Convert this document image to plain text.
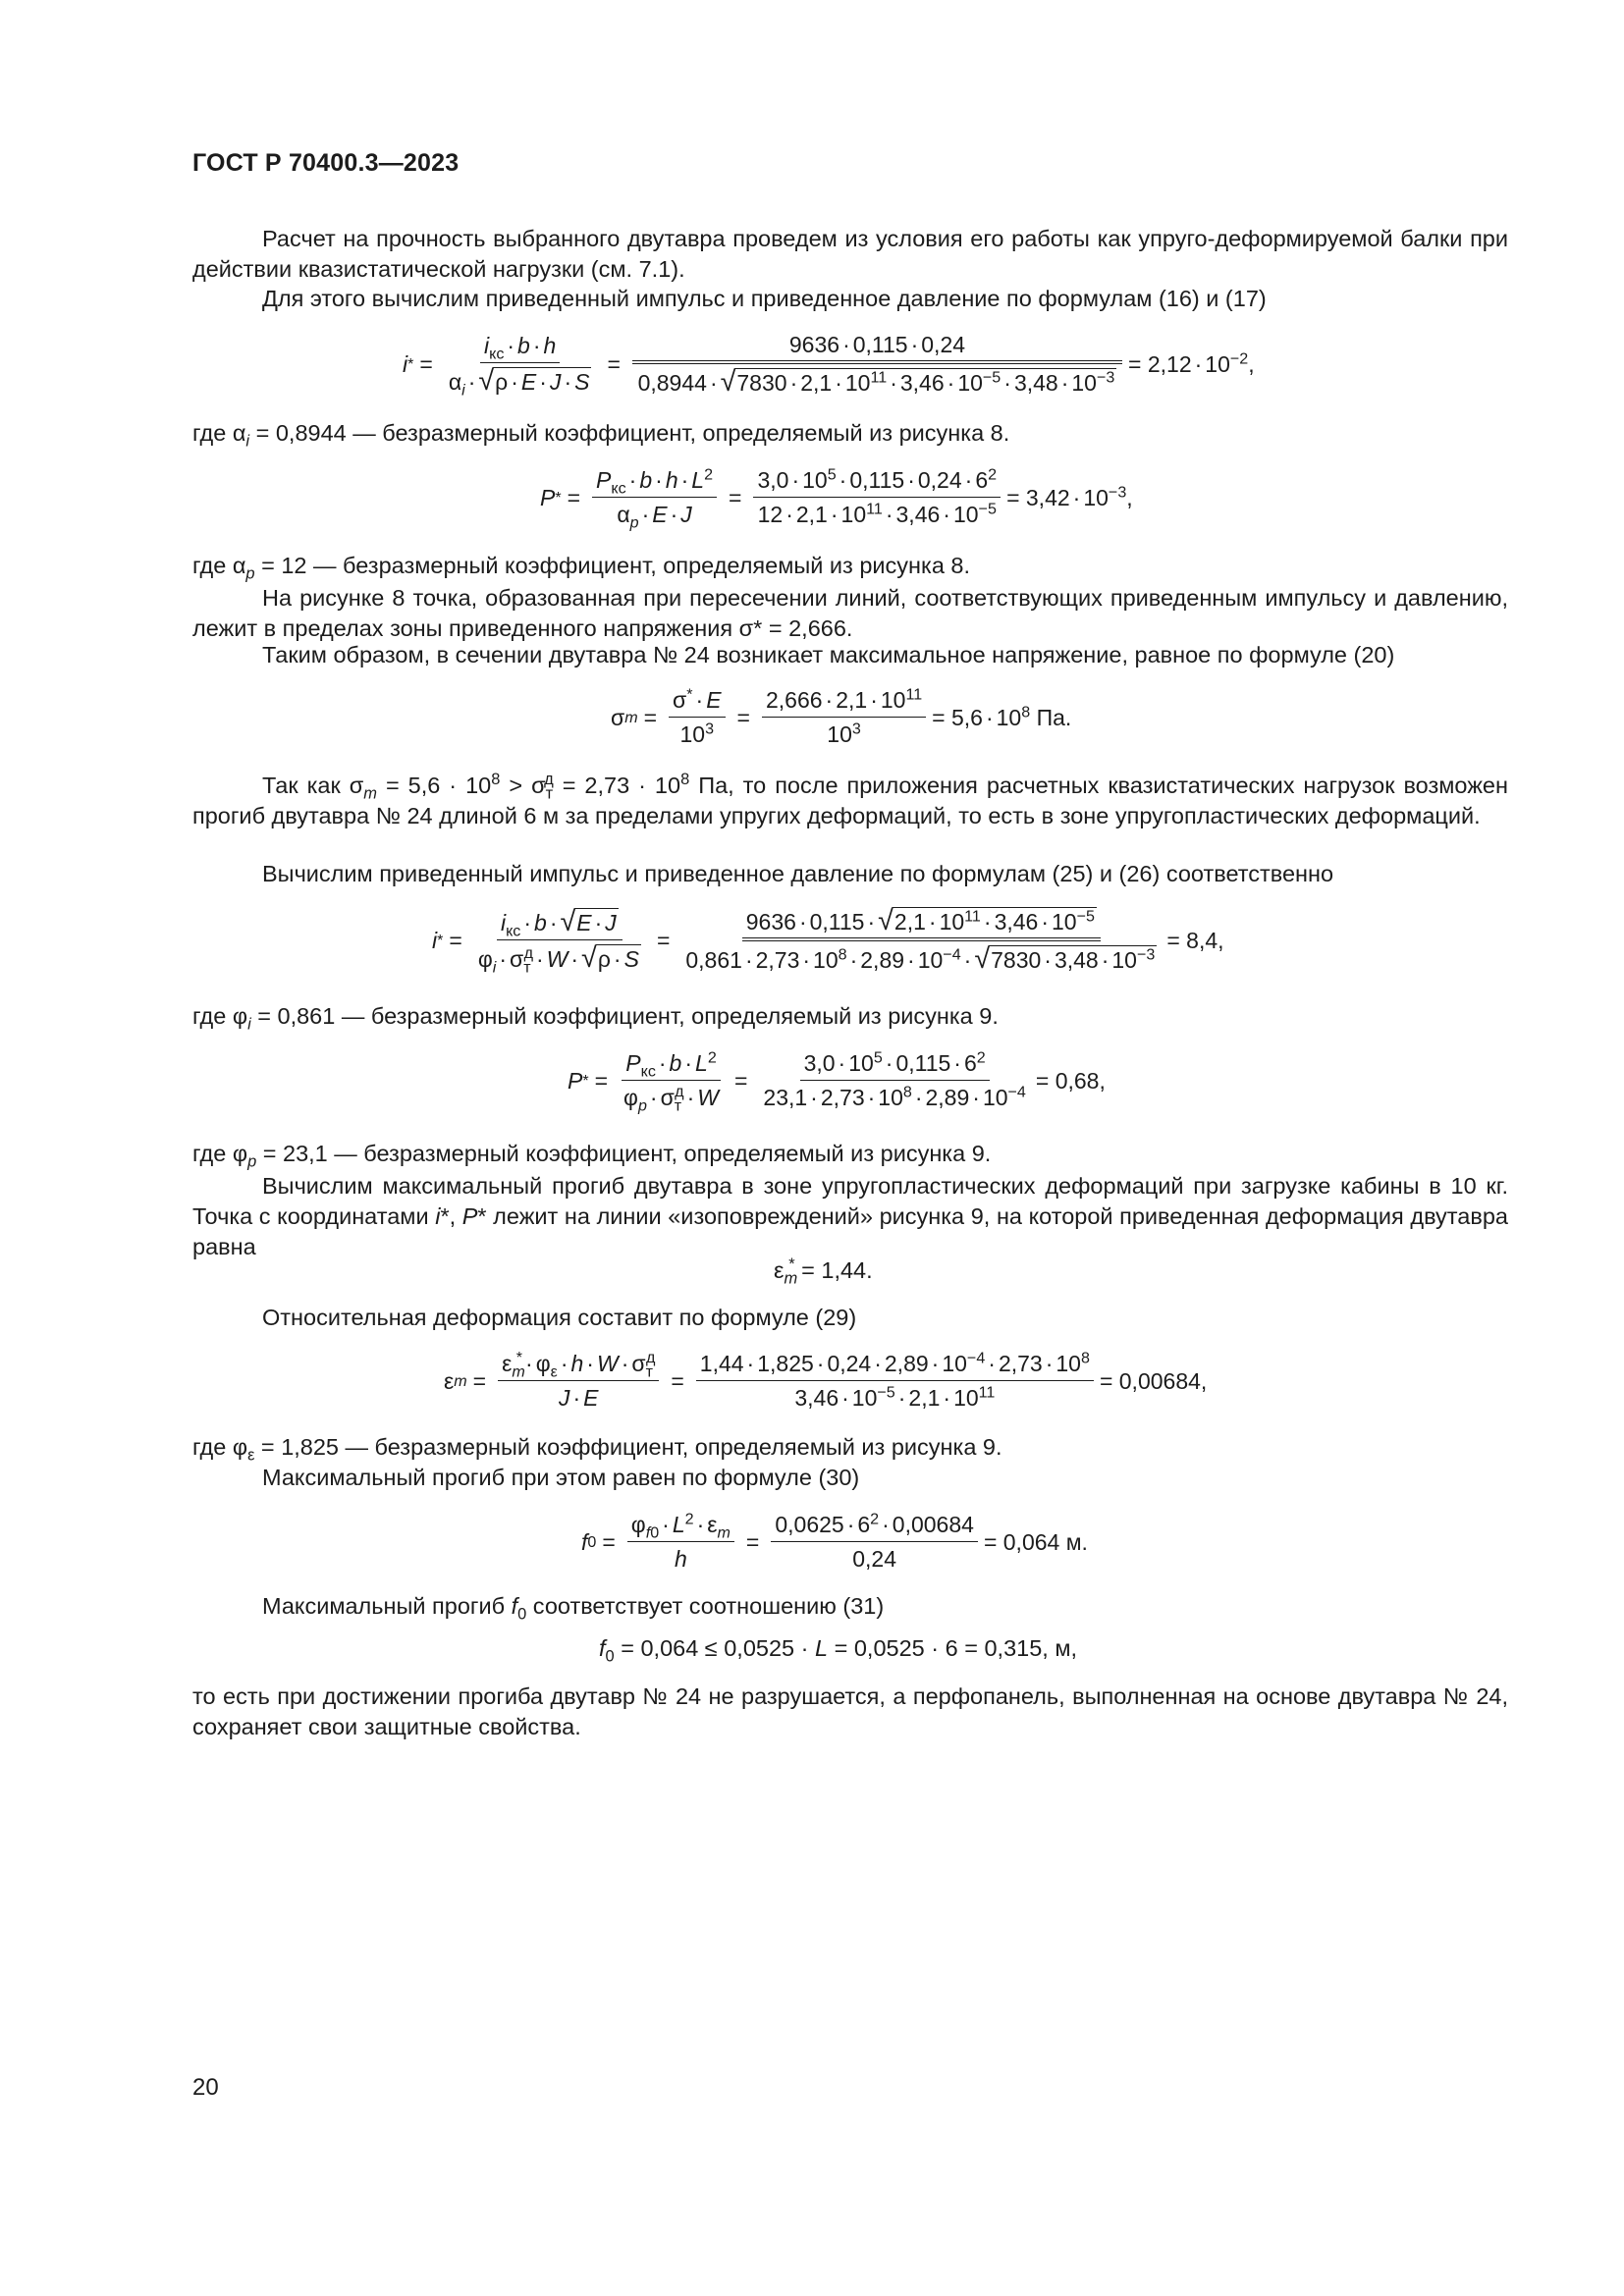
ГОСТ Р 70400.3—2023
Расчет на прочность выбранного двутавра проведем из условия его работы как упруго-деформируемой балки при действии квазистатической нагрузки (см. 7.1).
Для этого вычислим приведенный импульс и приведенное давление по формулам (16) и (17)
i * = $\frac{i_{кс} \cdot b \cdot h}{\alpha_i \cdot √ \rho \cdot E \cdot J \cdot S} = \frac{9636 \cdot 0,115 \cdot 0,24}{0,8944 \cdot √ 7830 \cdot 2,1 \cdot 10^{11} \cdot 3,46 \cdot 10^{-5} \cdot 3,48 \cdot 10^{-3}} = 2,12 \cdot 10^{-2}$,
где $\alpha_i = 0,8944$ — безразмерный коэффициент, определяемый из рисунка 8.
P * = $\frac{P_{кс} \cdot b \cdot h \cdot L^2}{\alpha_p \cdot E \cdot J} = \frac{3,0 \cdot 10^5 \cdot 0,115 \cdot 0,24 \cdot 6^2}{12 \cdot 2,1 \cdot 10^{11} \cdot 3,46 \cdot 10^{-5}} = 3,42 \cdot 10^{-3}$,
где $\alpha_p = 12$ — безразмерный коэффициент, определяемый из рисунка 8.
На рисунке 8 точка, образованная при пересечении линий, соответствующих приведенным импульсу и давлению, лежит в пределах зоны приведенного напряжения σ* = 2,666.
Таким образом, в сечении двутавра № 24 возникает максимальное напряжение, равное по формуле (20)
σ $m = \frac{\sigma^* \cdot E}{10^3} = \frac{2,666 \cdot 2,1 \cdot 10^{11}}{10^3} = 5,6 \cdot 10^8$ Па.
Так как $\sigma_m = 5,6 \cdot 10^8 > \sigma_т^д = 2,73 \cdot 10^8$ Па, то после приложения расчетных квазистатических нагрузок возможен прогиб двутавра № 24 длиной 6 м за пределами упругих деформаций, то есть в зоне упругопластических деформаций.
Вычислим приведенный импульс и приведенное давление по формулам (25) и (26) соответственно
i * = $\frac{i_{кс} \cdot b \cdot √ E \cdot J}{\varphi_i \cdot \sigma_т^д \cdot W \cdot √ \rho \cdot S} = \frac{9636 \cdot 0,115 \cdot √ 2,1 \cdot 10^{11} \cdot 3,46 \cdot 10^{-5}}{0,861 \cdot 2,73 \cdot 10^8 \cdot 2,89 \cdot 10^{-4} \cdot √ 7830 \cdot 3,48 \cdot 10^{-3}} = 8,4$,
где $\varphi_i = 0,861$ — безразмерный коэффициент, определяемый из рисунка 9.
P * = $\frac{P_{кс} \cdot b \cdot L^2}{\varphi_p \cdot \sigma_т^д \cdot W} = \frac{3,0 \cdot 10^5 \cdot 0,115 \cdot 6^2}{23,1 \cdot 2,73 \cdot 10^8 \cdot 2,89 \cdot 10^{-4}} = 0,68$,
где $\varphi_p = 23,1$ — безразмерный коэффициент, определяемый из рисунка 9.
Вычислим максимальный прогиб двутавра в зоне упругопластических деформаций при загрузке кабины в 10 кг. Точка с координатами i*, P* лежит на линии «изоповреждений» рисунка 9, на которой приведенная деформация двутавра равна
$\varepsilon_m^* = 1,44$.
Относительная деформация составит по формуле (29)
ε $m = \frac{\varepsilon_m^* \cdot \varphi_\varepsilon \cdot h \cdot W \cdot \sigma_т^д}{J \cdot E} = \frac{1,44 \cdot 1,825 \cdot 0,24 \cdot 2,89 \cdot 10^{-4} \cdot 2,73 \cdot 10^8}{3,46 \cdot 10^{-5} \cdot 2,1 \cdot 10^{11}} = 0,00684$,
где $\varphi_\varepsilon = 1,825$ — безразмерный коэффициент, определяемый из рисунка 9.
Максимальный прогиб при этом равен по формуле (30)
f $0 = \frac{\varphi_{f0} \cdot L^2 \cdot \varepsilon_m}{h} = \frac{0,0625 \cdot 6^2 \cdot 0,00684}{0,24} = 0,064$ м.
Максимальный прогиб $f_0$ соответствует соотношению (31)
$f_0 = 0,064 \le 0,0525 \cdot L = 0,0525 \cdot 6 = 0,315$, м,
то есть при достижении прогиба двутавр № 24 не разрушается, а перфопанель, выполненная на основе двутавра № 24, сохраняет свои защитные свойства.
20
